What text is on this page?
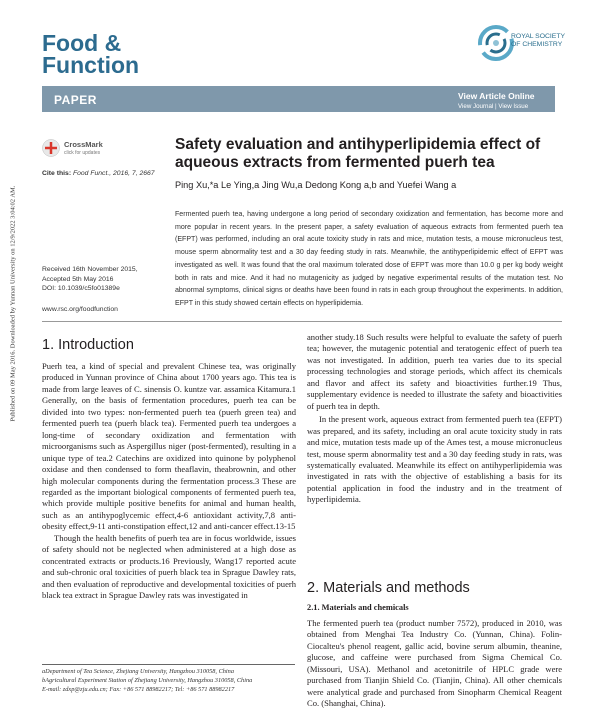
Published on 09 May 2016. Downloaded by Yunnan University on 12/9/2022 3:04:02 AM.
Food &
Function
ROYAL SOCIETY
OF CHEMISTRY
PAPER	View Article Online
View Journal | View Issue
CrossMark
click for updates
Cite this: Food Funct., 2016, 7, 2667
Safety evaluation and antihyperlipidemia effect of aqueous extracts from fermented puerh tea
Ping Xu,*a Le Ying,a Jing Wu,a Dedong Kong a,b and Yuefei Wang a
Fermented puerh tea, having undergone a long period of secondary oxidization and fermentation, has become more and more popular in recent years. In the present paper, a safety evaluation of aqueous extracts from fermented puerh tea (EFPT) was performed, including an oral acute toxicity study in rats and mice, mutation tests, a mouse micronucleus test, mouse sperm abnormality test and a 30 day feeding study in rats. Meanwhile, the antihyperlipidemic effect of EFPT was investigated as well. It was found that the oral maximum tolerated dose of EFPT was more than 10.0 g per kg body weight both in rats and mice. And it had no mutagenicity as judged by negative experimental results of the mutation test. No abnormal symptoms, clinical signs or deaths have been found in rats in each group throughout the experiments. In addition, EFPT in this study showed certain effects on hyperlipidemia.
Received 16th November 2015,
Accepted 5th May 2016
DOI: 10.1039/c5fo01389e
www.rsc.org/foodfunction
1. Introduction

Puerh tea, a kind of special and prevalent Chinese tea, was originally produced in Yunnan province of China about 1700 years ago. This tea is made from large leaves of C. sinensis O. kuntze var. assamica Kitamura.1 Generally, on the basis of fermentation procedures, puerh tea can be divided into two types: non-fermented puerh tea (puerh green tea) and fermented puerh tea (puerh black tea). Fermented puerh tea undergoes a long-time of secondary oxidization and fermentation with microorganisms such as Aspergillus niger (post-fermented), resulting in a unique type of tea.2 Catechins are oxidized into quinone by polyphenol oxidase and then condensed to form theaflavin, theabrownin, and other high molecular components during the fermentation process.3 These are regarded as the important biological components of fermented puerh tea, which provide multiple positive benefits for animal and human health, such as an antihypoglycemic effect,4-6 antioxidant activity,7,8 anti-obesity effect,9-11 anti-constipation effect,12 and anti-cancer effect.13-15

Though the health benefits of puerh tea are in focus worldwide, issues of safety should not be neglected when administered at a high dose as concentrated extracts or products.16 Previously, Wang17 reported acute and sub-chronic oral toxicities of puerh black tea in Sprague Dawley rats, and then evaluation of reproductive and developmental toxicities of puerh black tea extract in Sprague Dawley rats was investigated in

aDepartment of Tea Science, Zhejiang University, Hangzhou 310058, China
bAgricultural Experiment Station of Zhejiang University, Hangzhou 310058, China
E-mail: zdxp@zju.edu.cn; Fax: +86 571 88982217; Tel: +86 571 88982217

another study.18 Such results were helpful to evaluate the safety of puerh tea; however, the mutagenic potential and teratogenic effect of puerh tea was not investigated. In addition, puerh tea varies due to its special processing technologies and storage periods, which affect its chemicals and flavor and affect its safety and bioactivities further.19 Thus, supplementary evidence is needed to illustrate the safety and bioactivities of puerh tea in depth.

In the present work, aqueous extract from fermented puerh tea (EFPT) was prepared, and its safety, including an oral acute toxicity study in rats and mice, mutation tests made up of the Ames test, a mouse micronucleus test, mouse sperm abnormality test and a 30 day feeding study in rats, was systematically evaluated. Meanwhile its effect on antihyperlipidemia was investigated in rats with the objective of establishing a basis for its potential application in food the industry and in the treatment of hyperlipidemia.

2. Materials and methods
2.1. Materials and chemicals
The fermented puerh tea (product number 7572), produced in 2010, was obtained from Menghai Tea Industry Co. (Yunnan, China). Folin-Ciocalteu's phenol reagent, gallic acid, bovine serum albumin, theanine, glucose, and caffeine were purchased from Sigma Chemical Co. (Missouri, USA). Methanol and acetonitrile of HPLC grade were purchased from Tianjin Shield Co. (Tianjin, China). All other chemicals were analytical grade and purchased from Sinopharm Chemical Reagent Co. (Shanghai, China).
